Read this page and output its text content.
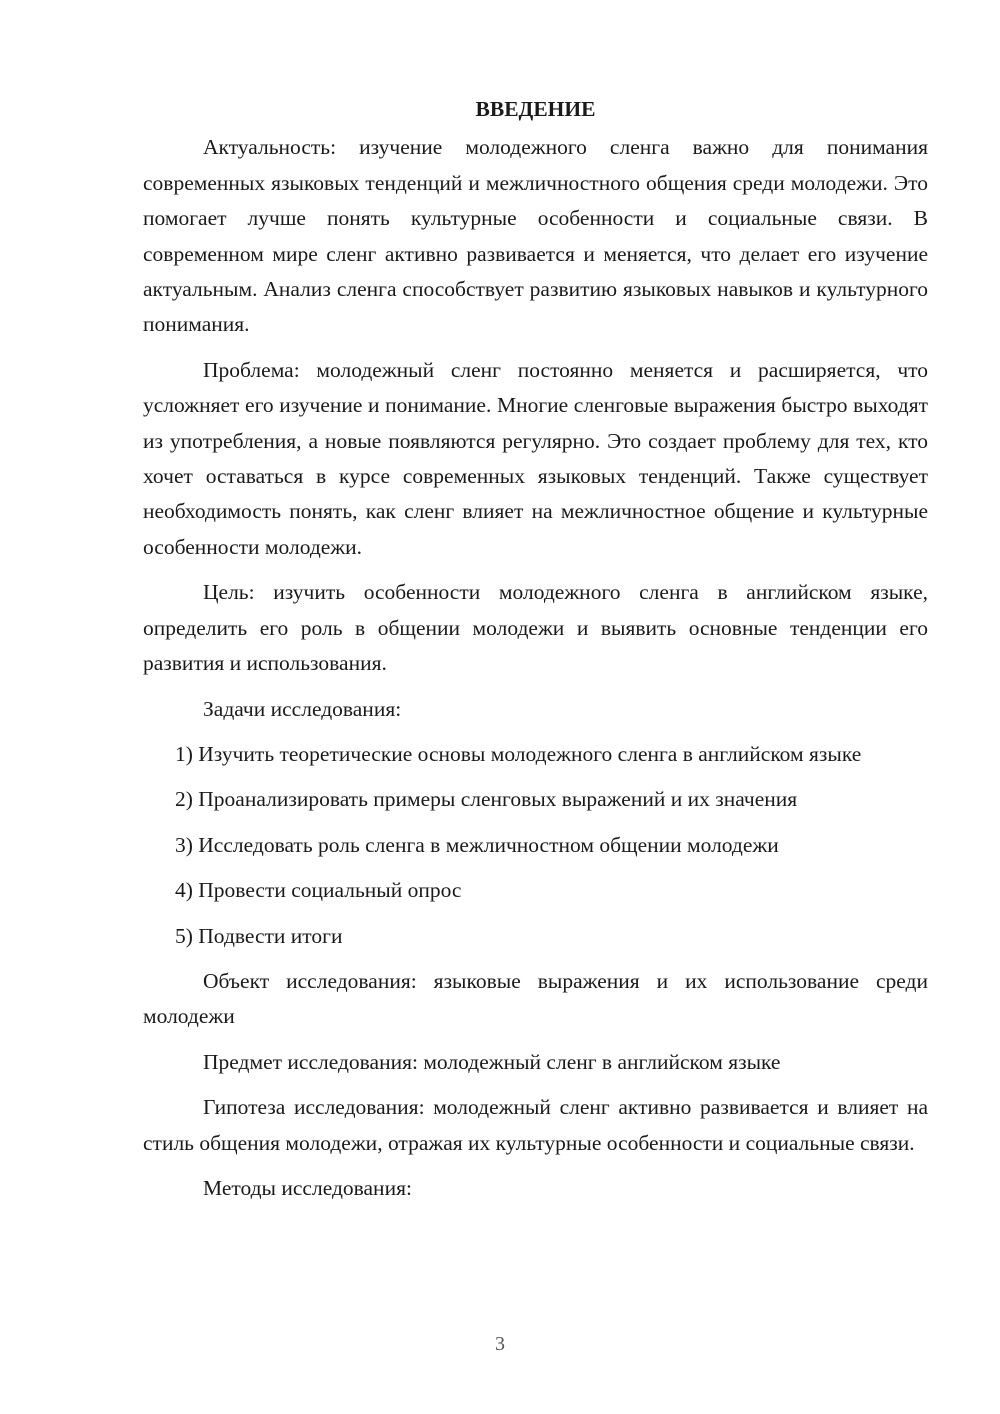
ВВЕДЕНИЕ

Актуальность: изучение молодежного сленга важно для понимания современных языковых тенденций и межличностного общения среди молодежи. Это помогает лучше понять культурные особенности и социальные связи. В современном мире сленг активно развивается и меняется, что делает его изучение актуальным. Анализ сленга способствует развитию языковых навыков и культурного понимания.

Проблема: молодежный сленг постоянно меняется и расширяется, что усложняет его изучение и понимание. Многие сленговые выражения быстро выходят из употребления, а новые появляются регулярно. Это создает проблему для тех, кто хочет оставаться в курсе современных языковых тенденций. Также существует необходимость понять, как сленг влияет на межличностное общение и культурные особенности молодежи.

Цель: изучить особенности молодежного сленга в английском языке, определить его роль в общении молодежи и выявить основные тенденции его развития и использования.

Задачи исследования:

1) Изучить теоретические основы молодежного сленга в английском языке

2) Проанализировать примеры сленговых выражений и их значения

3) Исследовать роль сленга в межличностном общении молодежи

4) Провести социальный опрос

5) Подвести итоги

Объект исследования: языковые выражения и их использование среди молодежи

Предмет исследования: молодежный сленг в английском языке

Гипотеза исследования: молодежный сленг активно развивается и влияет на стиль общения молодежи, отражая их культурные особенности и социальные связи.

Методы исследования:

3
